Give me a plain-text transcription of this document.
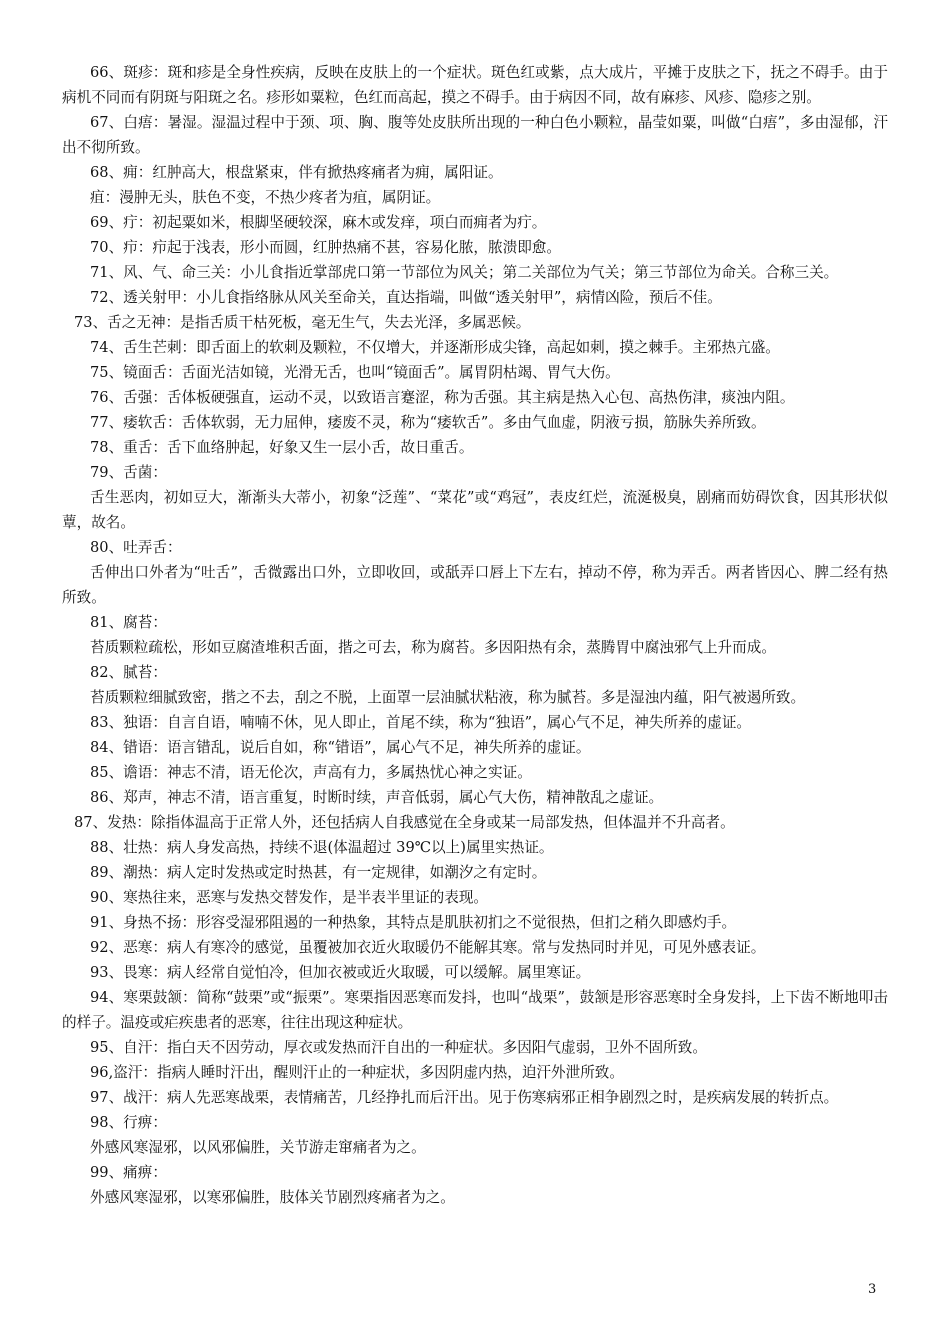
66、斑疹：斑和疹是全身性疾病，反映在皮肤上的一个症状。斑色红或紫，点大成片，平摊于皮肤之下，抚之不碍手。由于病机不同而有阴斑与阳斑之名。疹形如粟粒，色红而高起，摸之不碍手。由于病因不同，故有麻疹、风疹、隐疹之别。

67、白痦：暑湿。湿温过程中于颈、项、胸、腹等处皮肤所出现的一种白色小颗粒，晶莹如粟，叫做“白痦”，多由湿郁，汗出不彻所致。

68、痈：红肿高大，根盘紧束，伴有掀热疼痛者为痈，属阳证。

疽：漫肿无头，肤色不变，不热少疼者为疽，属阴证。

69、疔：初起粟如米，根脚坚硬较深，麻木或发痒，项白而痈者为疔。

70、疖：疖起于浅表，形小而圆，红肿热痛不甚，容易化脓，脓溃即愈。

71、风、气、命三关：小儿食指近掌部虎口第一节部位为风关；第二关部位为气关；第三节部位为命关。合称三关。

72、透关射甲：小儿食指络脉从风关至命关，直达指端，叫做“透关射甲”，病情凶险，预后不佳。

73、舌之无神：是指舌质干枯死板，毫无生气，失去光泽，多属恶候。

74、舌生芒刺：即舌面上的软刺及颗粒，不仅增大，并逐渐形成尖锋，高起如刺，摸之棘手。主邪热亢盛。

75、镜面舌：舌面光洁如镜，光滑无舌，也叫“镜面舌”。属胃阴枯竭、胃气大伤。

76、舌强：舌体板硬强直，运动不灵，以致语言蹇涩，称为舌强。其主病是热入心包、高热伤津，痰浊内阻。

77、痿软舌：舌体软弱，无力屈伸，痿废不灵，称为“痿软舌”。多由气血虚，阴液亏损，筋脉失养所致。

78、重舌：舌下血络肿起，好象又生一层小舌，故日重舌。

79、舌菌：

舌生恶肉，初如豆大，渐渐头大蒂小，初象“泛莲”、“菜花”或“鸡冠”，表皮红烂，流涎极臭，剧痛而妨碍饮食，因其形状似蕈，故名。

80、吐弄舌：

舌伸出口外者为“吐舌”，舌微露出口外，立即收回，或舐弄口唇上下左右，掉动不停，称为弄舌。两者皆因心、脾二经有热所致。

81、腐苔：

苔质颗粒疏松，形如豆腐渣堆积舌面，揩之可去，称为腐苔。多因阳热有余，蒸腾胃中腐浊邪气上升而成。

82、腻苔：

苔质颗粒细腻致密，揩之不去，刮之不脱，上面罩一层油腻状粘液，称为腻苔。多是湿浊内蕴，阳气被遏所致。

83、独语：自言自语，喃喃不休，见人即止，首尾不续，称为“独语”，属心气不足，神失所养的虚证。

84、错语：语言错乱，说后自如，称“错语”，属心气不足，神失所养的虚证。

85、谵语：神志不清，语无伦次，声高有力，多属热忧心神之实证。

86、郑声，神志不清，语言重复，时断时续，声音低弱，属心气大伤，精神散乱之虚证。

87、发热：除指体温高于正常人外，还包括病人自我感觉在全身或某一局部发热，但体温并不升高者。

88、壮热：病人身发高热，持续不退(体温超过 39℃以上)属里实热证。

89、潮热：病人定时发热或定时热甚，有一定规律，如潮汐之有定时。

90、寒热往来，恶寒与发热交替发作，是半表半里证的表现。

91、身热不扬：形容受湿邪阻遏的一种热象，其特点是肌肤初扪之不觉很热，但扪之稍久即感灼手。

92、恶寒：病人有寒冷的感觉，虽覆被加衣近火取暖仍不能解其寒。常与发热同时并见，可见外感表证。

93、畏寒：病人经常自觉怕冷，但加衣被或近火取暖，可以缓解。属里寒证。

94、寒栗鼓颔：简称“鼓栗”或“振栗”。寒栗指因恶寒而发抖，也叫“战栗”，鼓颔是形容恶寒时全身发抖，上下齿不断地叩击的样子。温疫或疟疾患者的恶寒，往往出现这种症状。

95、自汗：指白天不因劳动，厚衣或发热而汗自出的一种症状。多因阳气虚弱，卫外不固所致。

96,盗汗：指病人睡时汗出，醒则汗止的一种症状，多因阴虚内热，迫汗外泄所致。

97、战汗：病人先恶寒战栗，表情痛苦，几经挣扎而后汗出。见于伤寒病邪正相争剧烈之时，是疾病发展的转折点。

98、行痹：

外感风寒湿邪，以风邪偏胜，关节游走窜痛者为之。

99、痛痹：

外感风寒湿邪，以寒邪偏胜，肢体关节剧烈疼痛者为之。

3
